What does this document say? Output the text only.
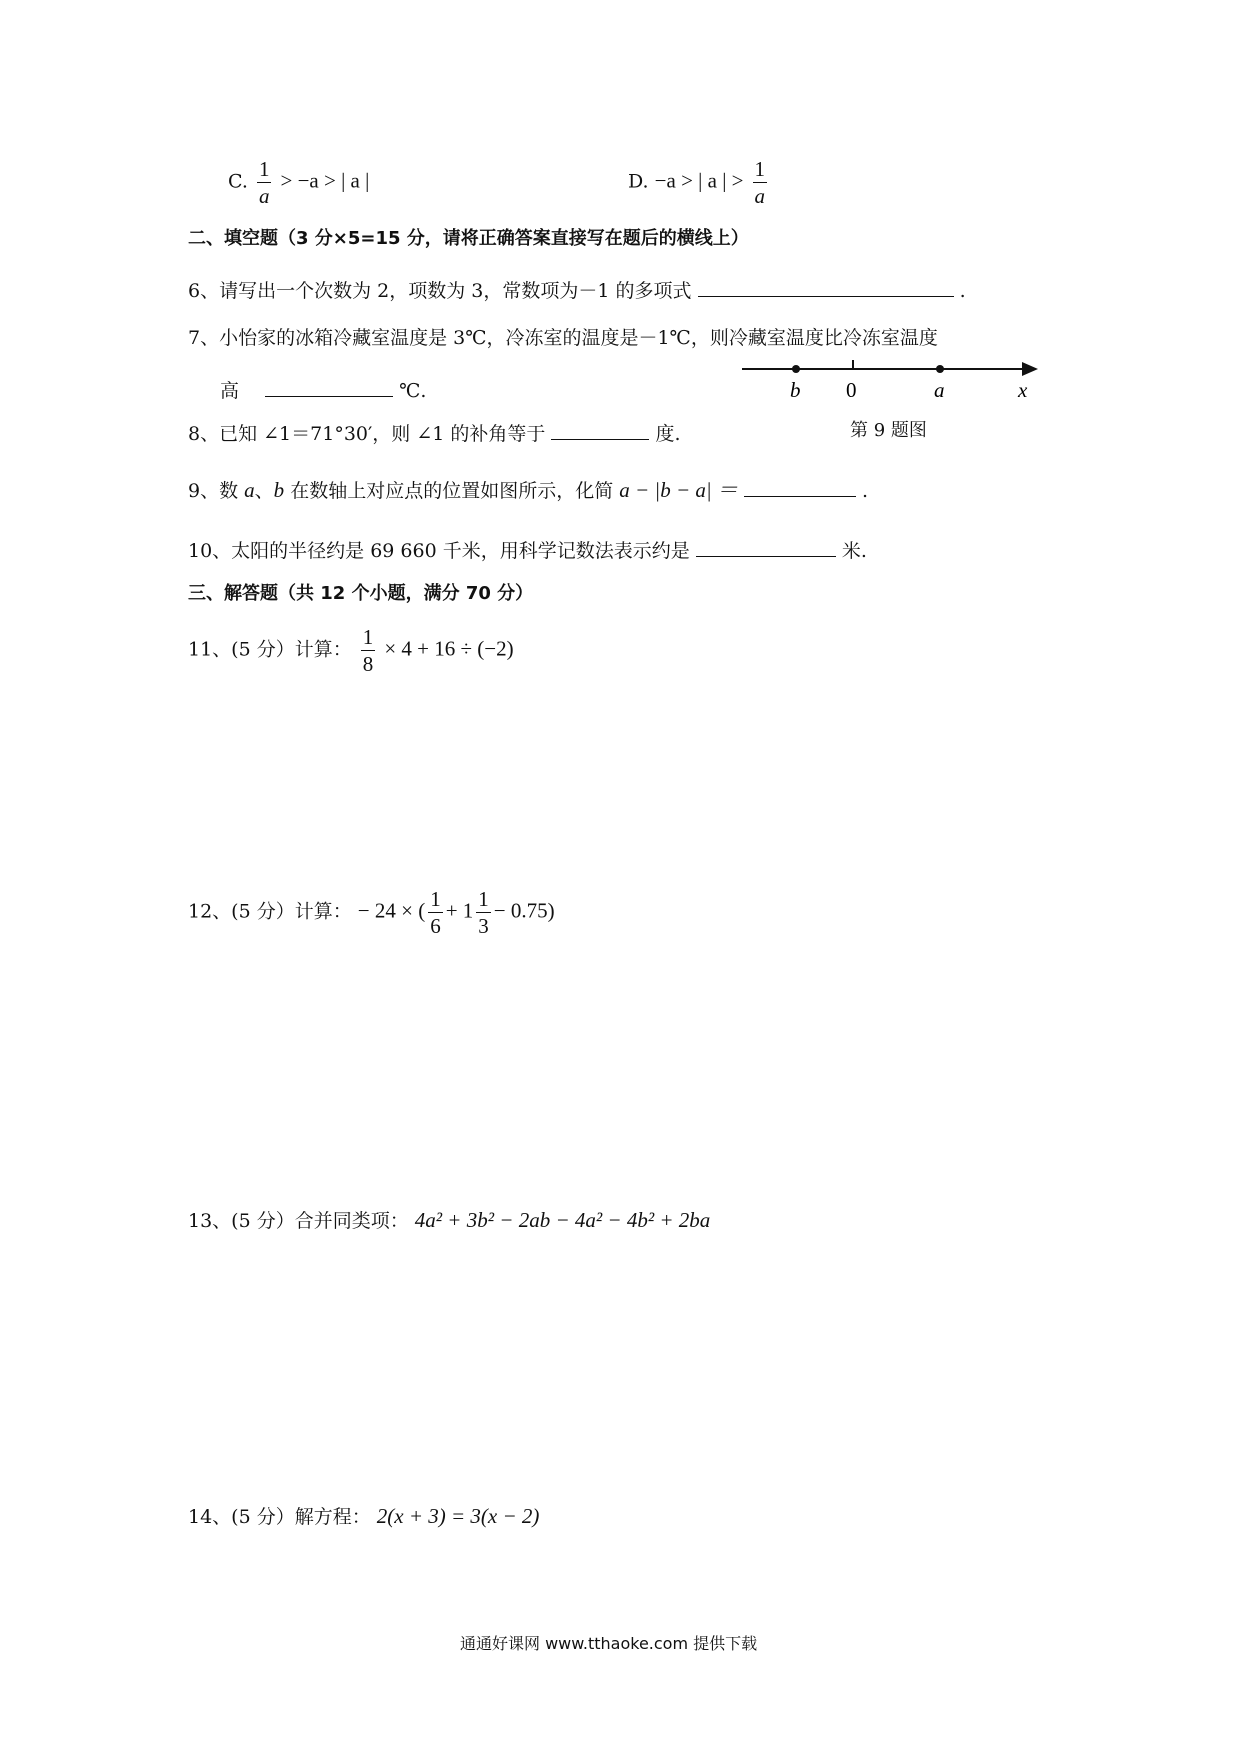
C. $\frac{1}{a} > -a$ > | a |	D. −a > | a | > $\frac{1}{a}$
二、填空题（3 分×5=15 分，请将正确答案直接写在题后的横线上）
6、请写出一个次数为 2，项数为 3，常数项为－1 的多项式	.
7、小怡家的冰箱冷藏室温度是 3℃，冷冻室的温度是－1℃，则冷藏室温度比冷冻室温度
高	℃.	b 0	a	x
8、已知 ∠1＝71°30′，则 ∠1 的补角等于	度.	第 9 题图
9、数 a、b 在数轴上对应点的位置如图所示，化简 a − |b − a| ＝	.
10、太阳的半径约是 69 660 千米，用科学记数法表示约是	米.
三、解答题（共 12 个小题，满分 70 分）
11、(5 分）计算： $\frac{1}{8} \times 4 + 16 \div (-2)$
12、(5 分）计算： − 24 × ( $\frac{1}{6} + 1 \frac{1}{3} - 0.75$)
13、(5 分）合并同类项： 4a² + 3b² − 2ab − 4a² − 4b² + 2ba
14、(5 分）解方程： 2(x + 3) = 3(x − 2)
通通好课网 www.tthaoke.com 提供下载
